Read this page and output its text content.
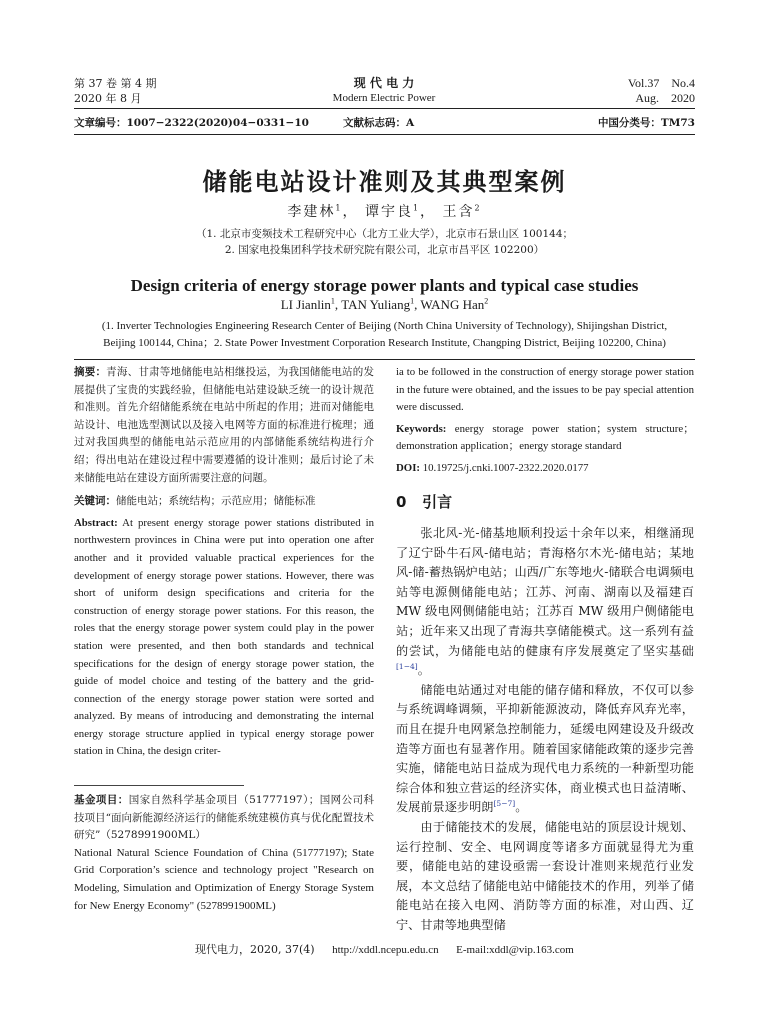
第 37 卷 第 4 期
2020 年 8 月
现 代 电 力
Modern Electric Power
Vol.37    No.4
Aug.    2020
文章编号：1007−2322(2020)04−0331−10	文献标志码：A	中国分类号：TM73
储能电站设计准则及其典型案例
李建林$^1$， 谭宇良$^1$， 王含$^2$
（1. 北京市变频技术工程研究中心（北方工业大学），北京市石景山区 100144；
2. 国家电投集团科学技术研究院有限公司，北京市昌平区 102200）
Design criteria of energy storage power plants and typical case studies
LI Jianlin$^1$, TAN Yuliang$^1$, WANG Han$^2$
(1. Inverter Technologies Engineering Research Center of Beijing (North China University of Technology), Shijingshan District,
Beijing 100144, China；2. State Power Investment Corporation Research Institute, Changping District, Beijing 102200, China)
摘要：青海、甘肃等地储能电站相继投运，为我国储能电站的发展提供了宝贵的实践经验，但储能电站建设缺乏统一的设计规范和准则。首先介绍储能系统在电站中所起的作用；进而对储能电站设计、电池选型测试以及接入电网等方面的标准进行梳理；通过对我国典型的储能电站示范应用的内部储能系统结构进行介绍；得出电站在建设过程中需要遵循的设计准则；最后讨论了未来储能电站在建设方面所需要注意的问题。
关键词：储能电站；系统结构；示范应用；储能标准
Abstract: At present energy storage power stations distributed in northwestern provinces in China were put into operation one after another and it provided valuable practical experiences for the development of energy storage power stations. However, there was short of uniform design specifications and criteria for the construction of energy storage power stations. For this reason, the roles that the energy storage power system could play in the power station were presented, and then both standards and technical specifications for the design of energy storage power station, the guide of model choice and testing of the battery and the grid-connection of the energy storage power station were sorted and analyzed. By means of introducing and demonstrating the internal energy storage structure applied in typical energy storage power station in China, the design criter-
基金项目：国家自然科学基金项目（51777197）；国网公司科技项目“面向新能源经济运行的储能系统建模仿真与优化配置技术研究”（5278991900ML）
National Natural Science Foundation of China (51777197); State Grid Corporation’s science and technology project "Research on Modeling, Simulation and Optimization of Energy Storage System for New Energy Economy" (5278991900ML)
ia to be followed in the construction of energy storage power station in the future were obtained, and the issues to be pay special attention were discussed.
Keywords: energy storage power station；system structure；demonstration application；energy storage standard
DOI: 10.19725/j.cnki.1007-2322.2020.0177
0 引言

张北风-光-储基地顺利投运十余年以来，相继涌现了辽宁卧牛石风-储电站；青海格尔木光-储电站；某地风-储-蓄热锅炉电站；山西/广东等地火-储联合电调频电站等电源侧储能电站；江苏、河南、湖南以及福建百 MW 级电网侧储能电站；江苏百 MW 级用户侧储能电站；近年来又出现了青海共享储能模式。这一系列有益的尝试，为储能电站的健康有序发展奠定了坚实基础[1−4]。

储能电站通过对电能的储存储和释放，不仅可以参与系统调峰调频，平抑新能源波动，降低弃风弃光率，而且在提升电网紧急控制能力，延缓电网建设及升级改造等方面也有显著作用。随着国家储能政策的逐步完善实施，储能电站日益成为现代电力系统的一种新型功能综合体和独立营运的经济实体，商业模式也日益清晰、发展前景逐步明朗[5−7]。

由于储能技术的发展，储能电站的顶层设计规划、运行控制、安全、电网调度等诸多方面就显得尤为重要，储能电站的建设亟需一套设计准则来规范行业发展，本文总结了储能电站中储能技术的作用，列举了储能电站在接入电网、消防等方面的标准，对山西、辽宁、甘肃等地典型储

现代电力，2020, 37(4) http://xddl.ncepu.edu.cn E-mail:xddl@vip.163.com
